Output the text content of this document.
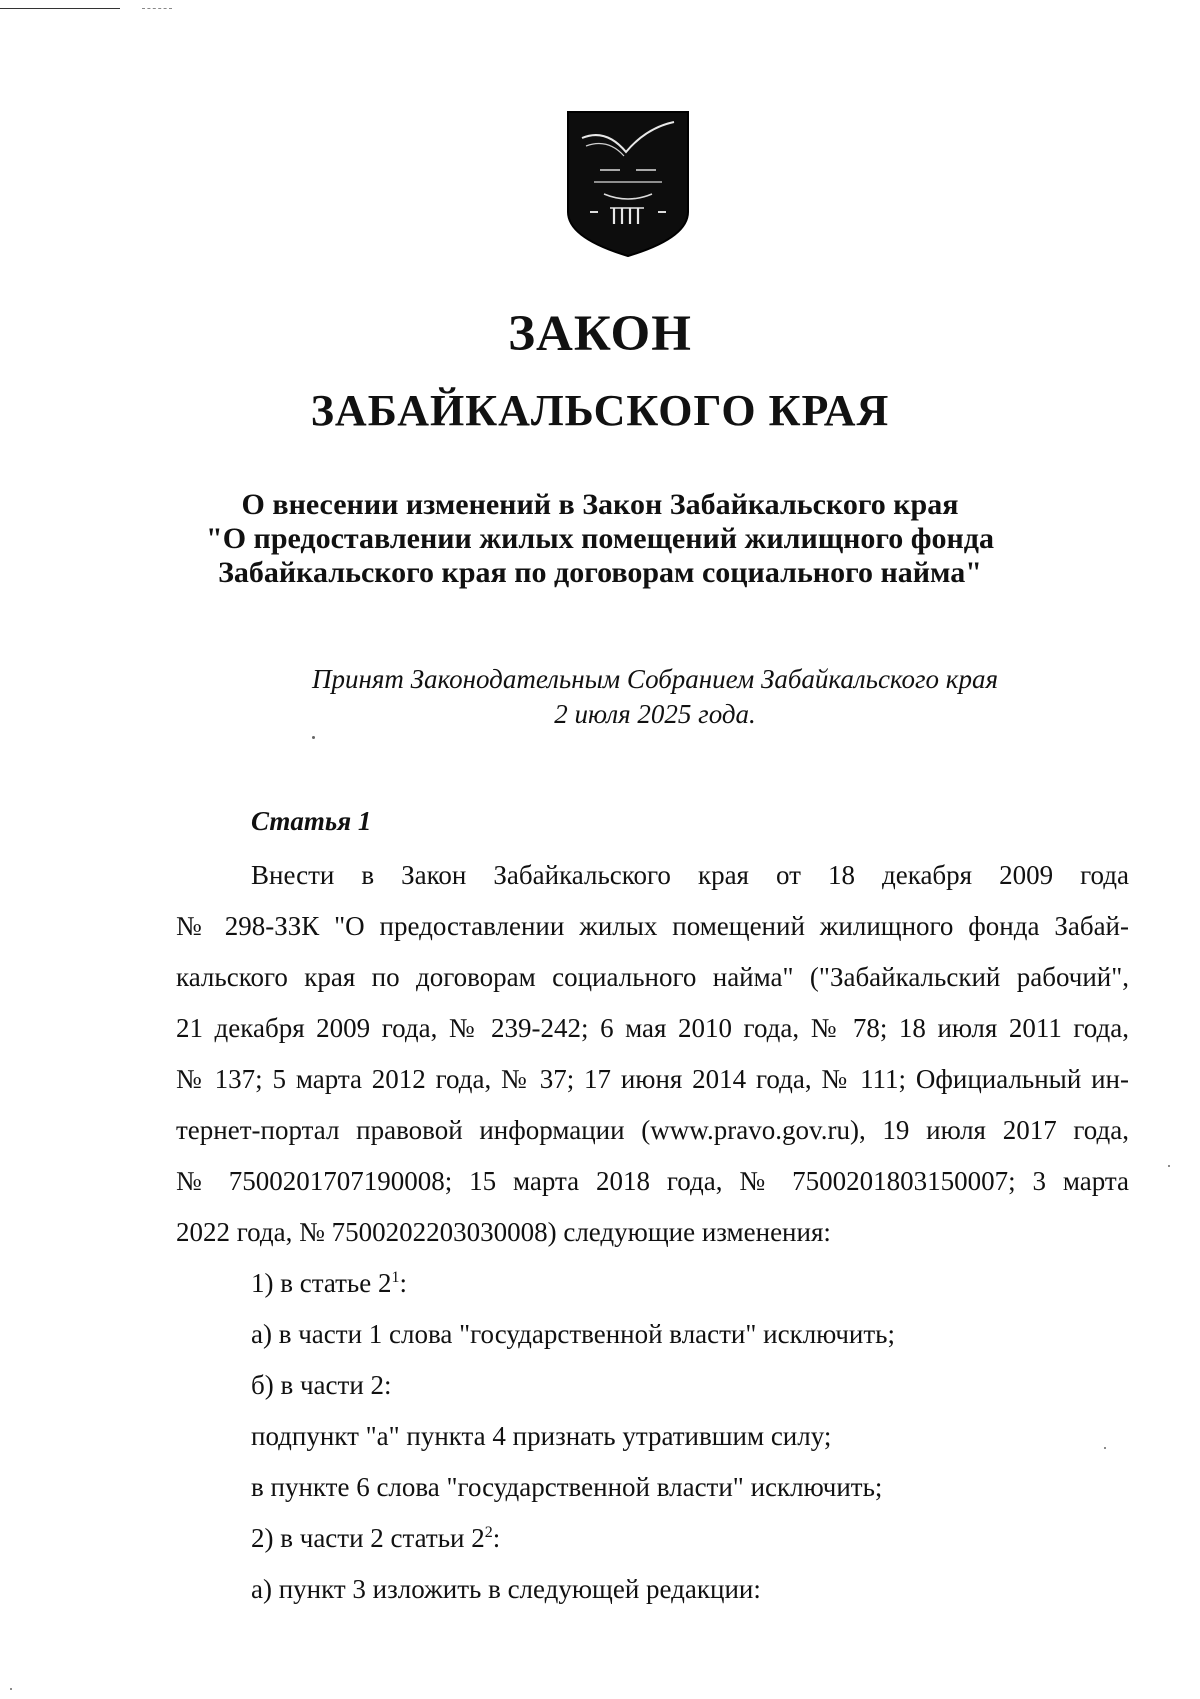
ЗАКОН
ЗАБАЙКАЛЬСКОГО КРАЯ
О внесении изменений в Закон Забайкальского края
"О предоставлении жилых помещений жилищного фонда
Забайкальского края по договорам социального найма"
Принят Законодательным Собранием Забайкальского края
2 июля 2025 года.
Статья 1
Внести в Закон Забайкальского края от 18 декабря 2009 года
№ 298-ЗЗК "О предоставлении жилых помещений жилищного фонда Забай-
кальского края по договорам социального найма" ("Забайкальский рабочий",
21 декабря 2009 года, № 239-242; 6 мая 2010 года, № 78; 18 июля 2011 года,
№ 137; 5 марта 2012 года, № 37; 17 июня 2014 года, № 111; Официальный ин-
тернет-портал правовой информации (www.pravo.gov.ru), 19 июля 2017 года,
№ 7500201707190008; 15 марта 2018 года, № 7500201803150007; 3 марта
2022 года, № 7500202203030008) следующие изменения:
1) в статье $2^1$:
а) в части 1 слова "государственной власти" исключить;
б) в части 2:
подпункт "а" пункта 4 признать утратившим силу;
в пункте 6 слова "государственной власти" исключить;
2) в части 2 статьи $2^2$:
а) пункт 3 изложить в следующей редакции:
